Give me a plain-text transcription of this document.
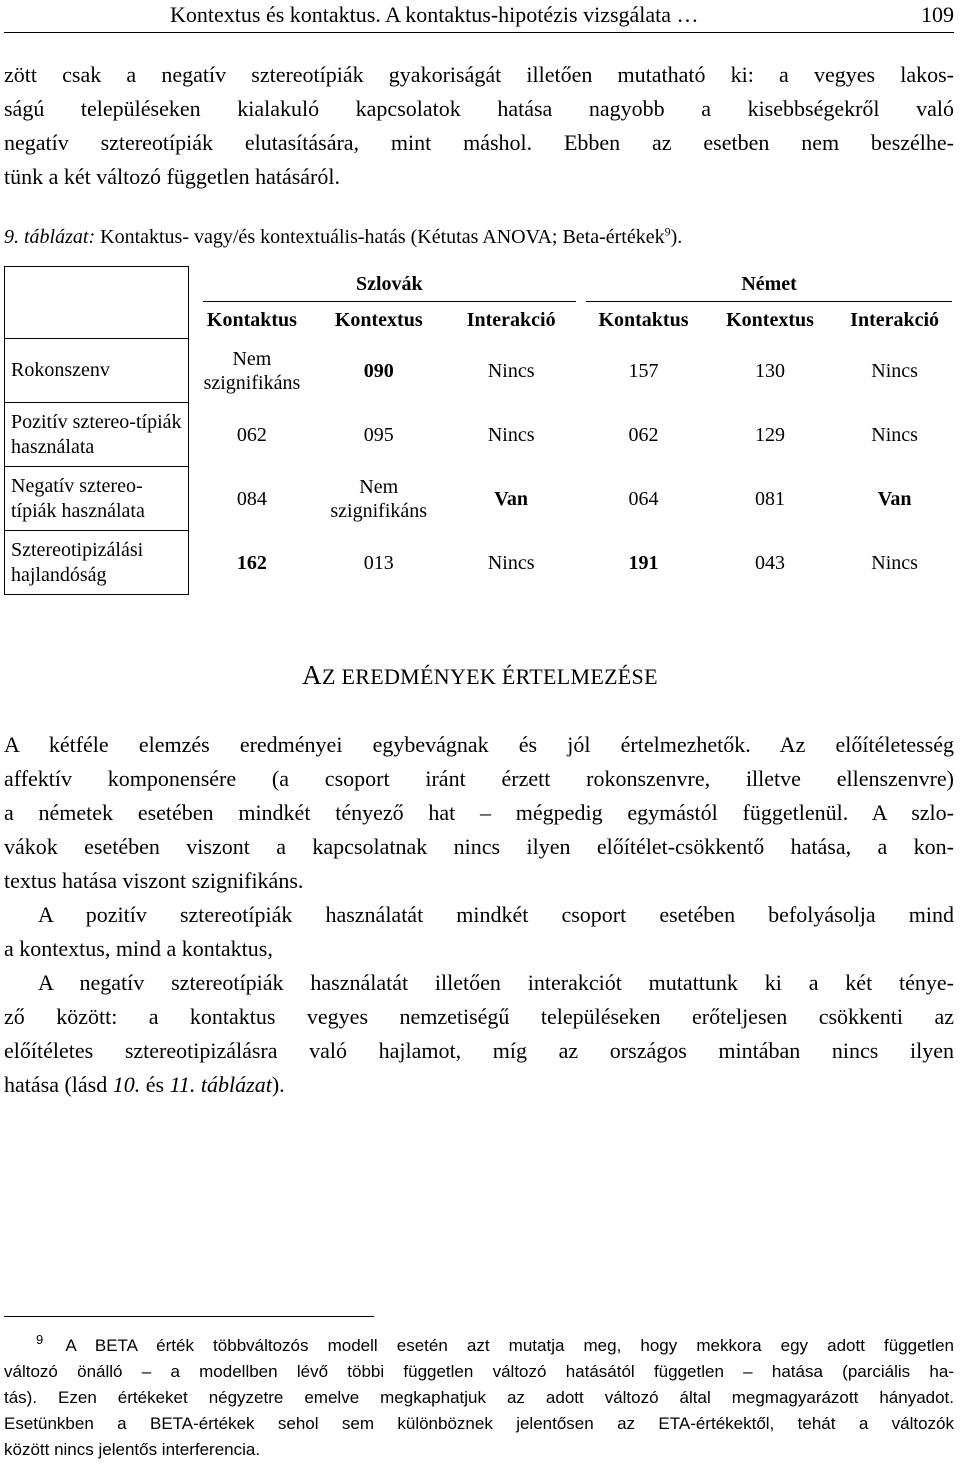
Kontextus és kontaktus. A kontaktus-hipotézis vizsgálata …	109
zött csak a negatív sztereotípiák gyakoriságát illetően mutatható ki: a vegyes lakos-
ságú településeken kialakuló kapcsolatok hatása nagyobb a kisebbségekről való
negatív sztereotípiák elutasítására, mint máshol. Ebben az esetben nem beszélhe-
tünk a két változó független hatásáról.
9. táblázat: Kontaktus- vagy/és kontextuális-hatás (Kétutas ANOVA; Beta-értékek$^9$).

	Szlovák			Német		

	Kontaktus	Kontextus	Interakció	Kontaktus	Kontextus	Interakció
Rokonszenv	Nem szignifikáns	090	Nincs	157	130	Nincs
Pozitív sztereo-típiák használata	062	095	Nincs	062	129	Nincs
Negatív sztereo-típiák használata	084	Nem szignifikáns	Van	064	081	Van
Sztereotipizálási hajlandóság	162	013	Nincs	191	043	Nincs
AZ EREDMÉNYEK ÉRTELMEZÉSE
A kétféle elemzés eredményei egybevágnak és jól értelmezhetők. Az előítéletesség
affektív komponensére (a csoport iránt érzett rokonszenvre, illetve ellenszenvre)
a németek esetében mindkét tényező hat – mégpedig egymástól függetlenül. A szlo-
vákok esetében viszont a kapcsolatnak nincs ilyen előítélet-csökkentő hatása, a kon-
textus hatása viszont szignifikáns.
A pozitív sztereotípiák használatát mindkét csoport esetében befolyásolja mind
a kontextus, mind a kontaktus,
A negatív sztereotípiák használatát illetően interakciót mutattunk ki a két ténye-
ző között: a kontaktus vegyes nemzetiségű településeken erőteljesen csökkenti az
előítéletes sztereotipizálásra való hajlamot, míg az országos mintában nincs ilyen
hatása (lásd 10. és 11. táblázat).
$^9$ A BETA érték többváltozós modell esetén azt mutatja meg, hogy mekkora egy adott független
változó önálló – a modellben lévő többi független változó hatásától független – hatása (parciális ha-
tás). Ezen értékeket négyzetre emelve megkaphatjuk az adott változó által megmagyarázott hányadot.
Esetünkben a BETA-értékek sehol sem különböznek jelentősen az ETA-értékektől, tehát a változók
között nincs jelentős interferencia.
